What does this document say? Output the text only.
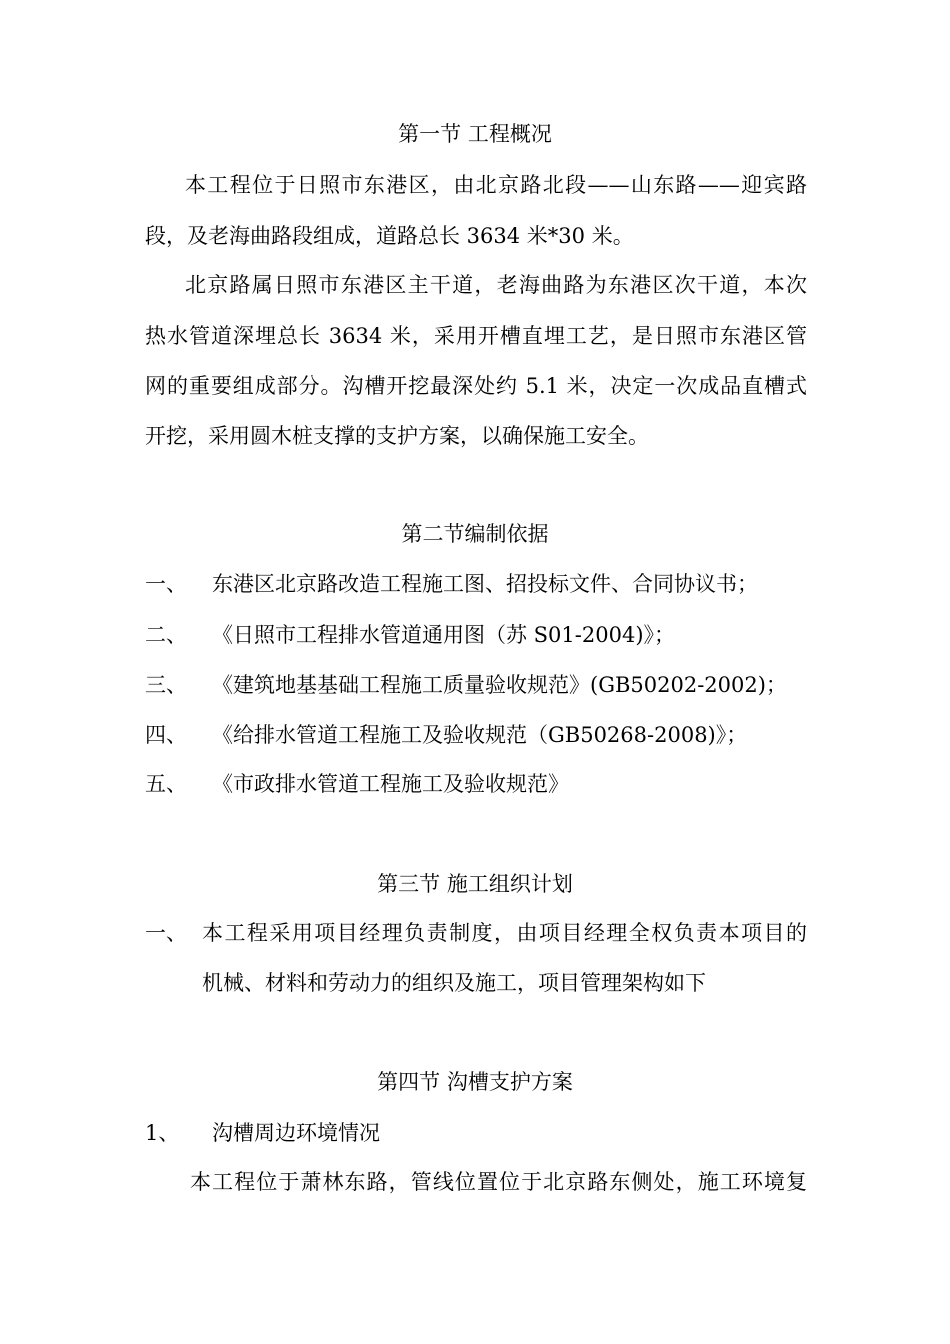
第一节 工程概况
本工程位于日照市东港区，由北京路北段——山东路——迎宾路
段，及老海曲路段组成，道路总长 3634 米*30 米。
北京路属日照市东港区主干道，老海曲路为东港区次干道，本次
热水管道深埋总长 3634 米，采用开槽直埋工艺，是日照市东港区管
网的重要组成部分。沟槽开挖最深处约 5.1 米，决定一次成品直槽式
开挖，采用圆木桩支撑的支护方案，以确保施工安全。
第二节编制依据
一、 东港区北京路改造工程施工图、招投标文件、合同协议书；
二、 《日照市工程排水管道通用图（苏 S01-2004)》；
三、 《建筑地基基础工程施工质量验收规范》(GB50202-2002)；
四、 《给排水管道工程施工及验收规范（GB50268-2008)》；
五、 《市政排水管道工程施工及验收规范》
第三节 施工组织计划
一、 本工程采用项目经理负责制度，由项目经理全权负责本项目的
机械、材料和劳动力的组织及施工，项目管理架构如下
第四节 沟槽支护方案
1、 沟槽周边环境情况
本工程位于萧林东路，管线位置位于北京路东侧处，施工环境复
